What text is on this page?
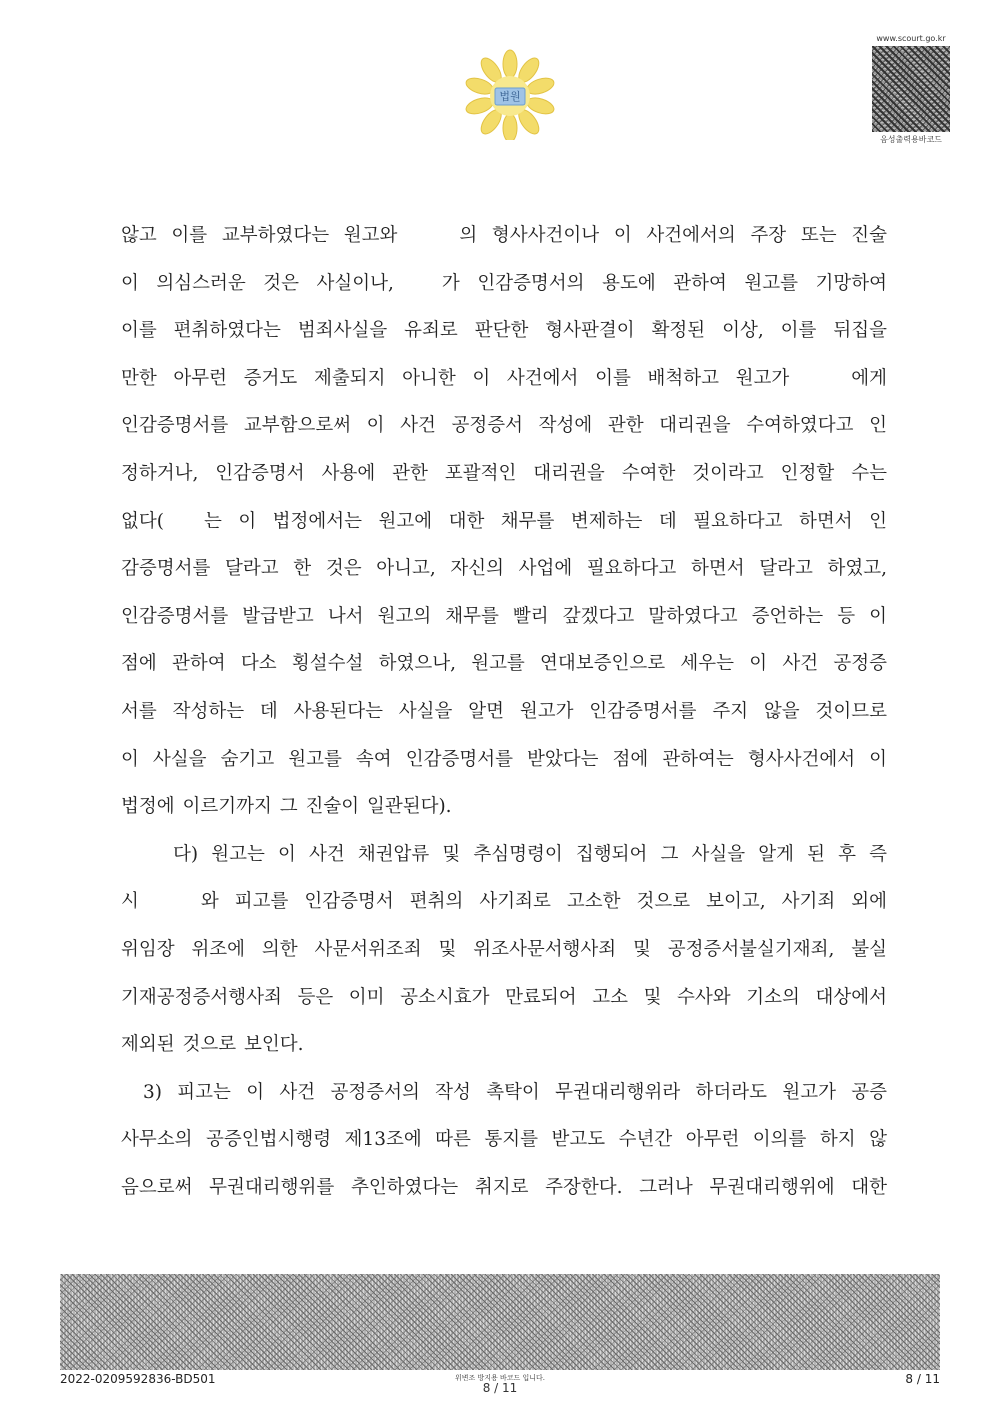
법원
www.scourt.go.kr
음성출력용바코드
않고 이를 교부하였다는 원고와	의 형사사건이나 이 사건에서의 주장 또는 진술
이 의심스러운 것은 사실이나,	가 인감증명서의 용도에 관하여 원고를 기망하여
이를 편취하였다는 범죄사실을 유죄로 판단한 형사판결이 확정된 이상, 이를 뒤집을
만한 아무런 증거도 제출되지 아니한 이 사건에서 이를 배척하고 원고가	에게
인감증명서를 교부함으로써 이 사건 공정증서 작성에 관한 대리권을 수여하였다고 인
정하거나, 인감증명서 사용에 관한 포괄적인 대리권을 수여한 것이라고 인정할 수는
없다( 는 이 법정에서는 원고에 대한 채무를 변제하는 데 필요하다고 하면서 인
감증명서를 달라고 한 것은 아니고, 자신의 사업에 필요하다고 하면서 달라고 하였고,
인감증명서를 발급받고 나서 원고의 채무를 빨리 갚겠다고 말하였다고 증언하는 등 이
점에 관하여 다소 횡설수설 하였으나, 원고를 연대보증인으로 세우는 이 사건 공정증
서를 작성하는 데 사용된다는 사실을 알면 원고가 인감증명서를 주지 않을 것이므로
이 사실을 숨기고 원고를 속여 인감증명서를 받았다는 점에 관하여는 형사사건에서 이
법정에 이르기까지 그 진술이 일관된다).
다) 원고는 이 사건 채권압류 및 추심명령이 집행되어 그 사실을 알게 된 후 즉
시	와 피고를 인감증명서 편취의 사기죄로 고소한 것으로 보이고, 사기죄 외에
위임장 위조에 의한 사문서위조죄 및 위조사문서행사죄 및 공정증서불실기재죄, 불실
기재공정증서행사죄 등은 이미 공소시효가 만료되어 고소 및 수사와 기소의 대상에서
제외된 것으로 보인다.
3) 피고는 이 사건 공정증서의 작성 촉탁이 무권대리행위라 하더라도 원고가 공증
사무소의 공증인법시행령 제13조에 따른 통지를 받고도 수년간 아무런 이의를 하지 않
음으로써 무권대리행위를 추인하였다는 취지로 주장한다. 그러나 무권대리행위에 대한
2022-0209592836-BD501	위변조 방지용 바코드 입니다.
8 / 11
8 / 11
